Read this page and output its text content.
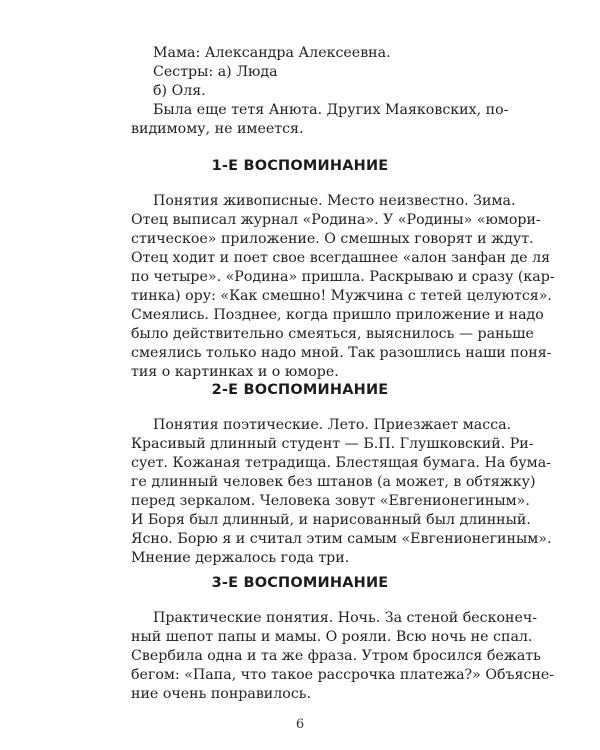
Мама: Александра Алексеевна.
Сестры: а) Люда
б) Оля.
Была еще тетя Анюта. Других Маяковских, по-
видимому, не имеется.
1-Е ВОСПОМИНАНИЕ
Понятия живописные. Место неизвестно. Зима.
Отец выписал журнал «Родина». У «Родины» «юмори-
стическое» приложение. О смешных говорят и ждут.
Отец ходит и поет свое всегдашнее «алон занфан де ля
по четыре». «Родина» пришла. Раскрываю и сразу (кар-
тинка) ору: «Как смешно! Мужчина с тетей целуются».
Смеялись. Позднее, когда пришло приложение и надо
было действительно смеяться, выяснилось — раньше
смеялись только надо мной. Так разошлись наши поня-
тия о картинках и о юморе.
2-Е ВОСПОМИНАНИЕ
Понятия поэтические. Лето. Приезжает масса.
Красивый длинный студент — Б.П. Глушковский. Ри-
сует. Кожаная тетрадища. Блестящая бумага. На бума-
ге длинный человек без штанов (а может, в обтяжку)
перед зеркалом. Человека зовут «Евгениoнегиным».
И Боря был длинный, и нарисованный был длинный.
Ясно. Борю я и считал этим самым «Евгениoнегиным».
Мнение держалось года три.
3-Е ВОСПОМИНАНИЕ
Практические понятия. Ночь. За стеной бесконеч-
ный шепот папы и мамы. О рояли. Всю ночь не спал.
Свербила одна и та же фраза. Утром бросился бежать
бегом: «Папа, что такое рассрочка платежа?» Объясне-
ние очень понравилось.
6
